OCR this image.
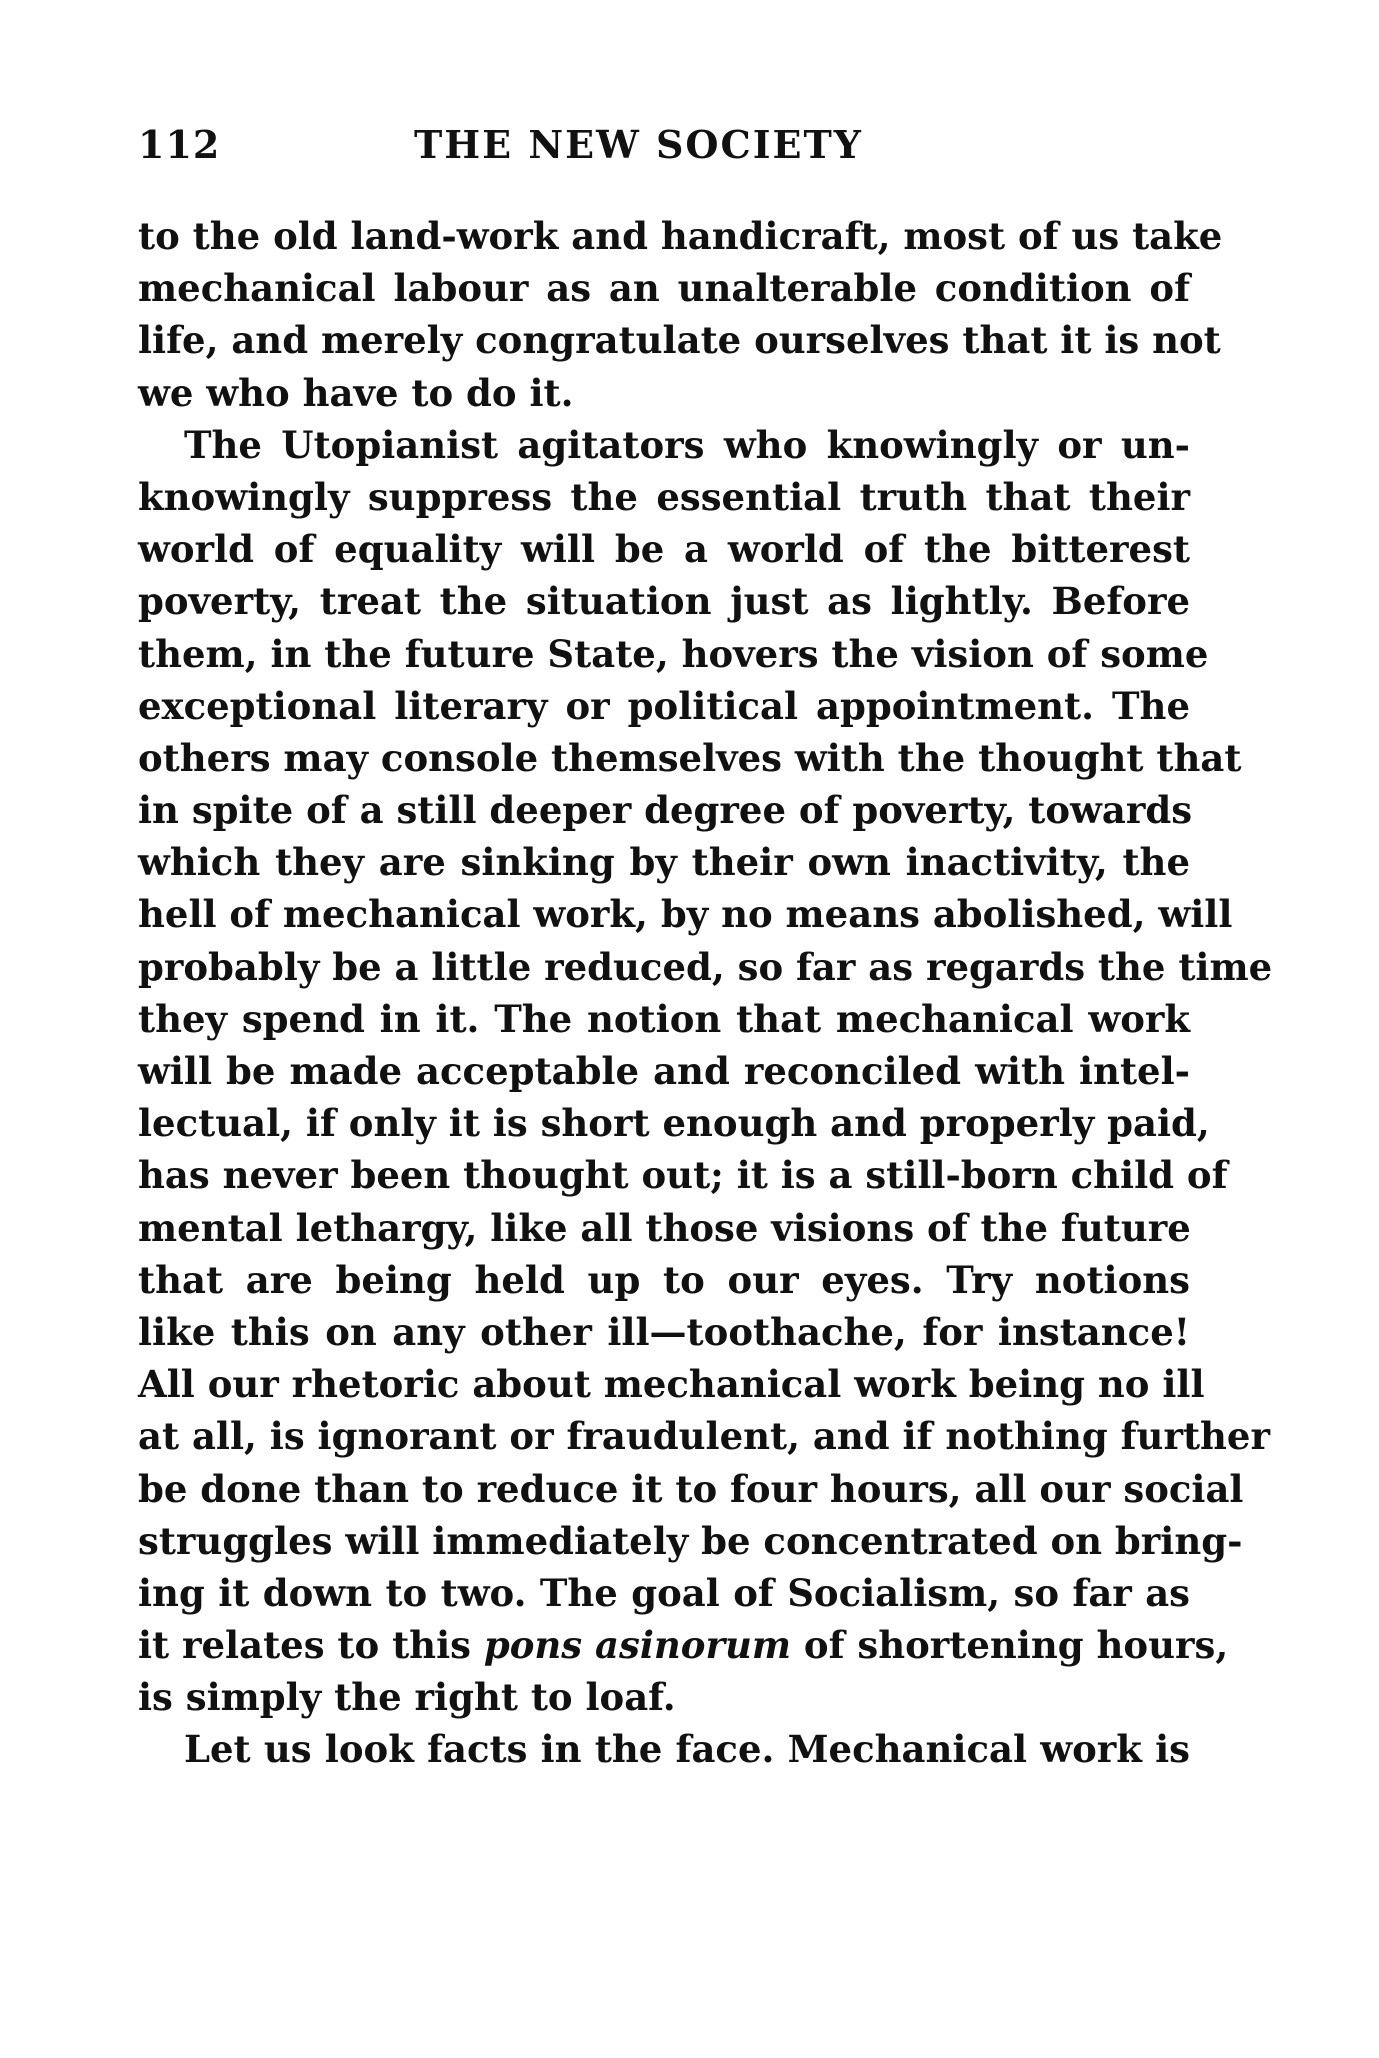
112	THE NEW SOCIETY
to the old land-work and handicraft, most of us take
mechanical labour as an unalterable condition of
life, and merely congratulate ourselves that it is not
we who have to do it.
The Utopianist agitators who knowingly or un-
knowingly suppress the essential truth that their
world of equality will be a world of the bitterest
poverty, treat the situation just as lightly. Before
them, in the future State, hovers the vision of some
exceptional literary or political appointment. The
others may console themselves with the thought that
in spite of a still deeper degree of poverty, towards
which they are sinking by their own inactivity, the
hell of mechanical work, by no means abolished, will
probably be a little reduced, so far as regards the time
they spend in it. The notion that mechanical work
will be made acceptable and reconciled with intel-
lectual, if only it is short enough and properly paid,
has never been thought out; it is a still-born child of
mental lethargy, like all those visions of the future
that are being held up to our eyes. Try notions
like this on any other ill—toothache, for instance!
All our rhetoric about mechanical work being no ill
at all, is ignorant or fraudulent, and if nothing further
be done than to reduce it to four hours, all our social
struggles will immediately be concentrated on bring-
ing it down to two. The goal of Socialism, so far as
it relates to this pons asinorum of shortening hours,
is simply the right to loaf.
Let us look facts in the face. Mechanical work is
